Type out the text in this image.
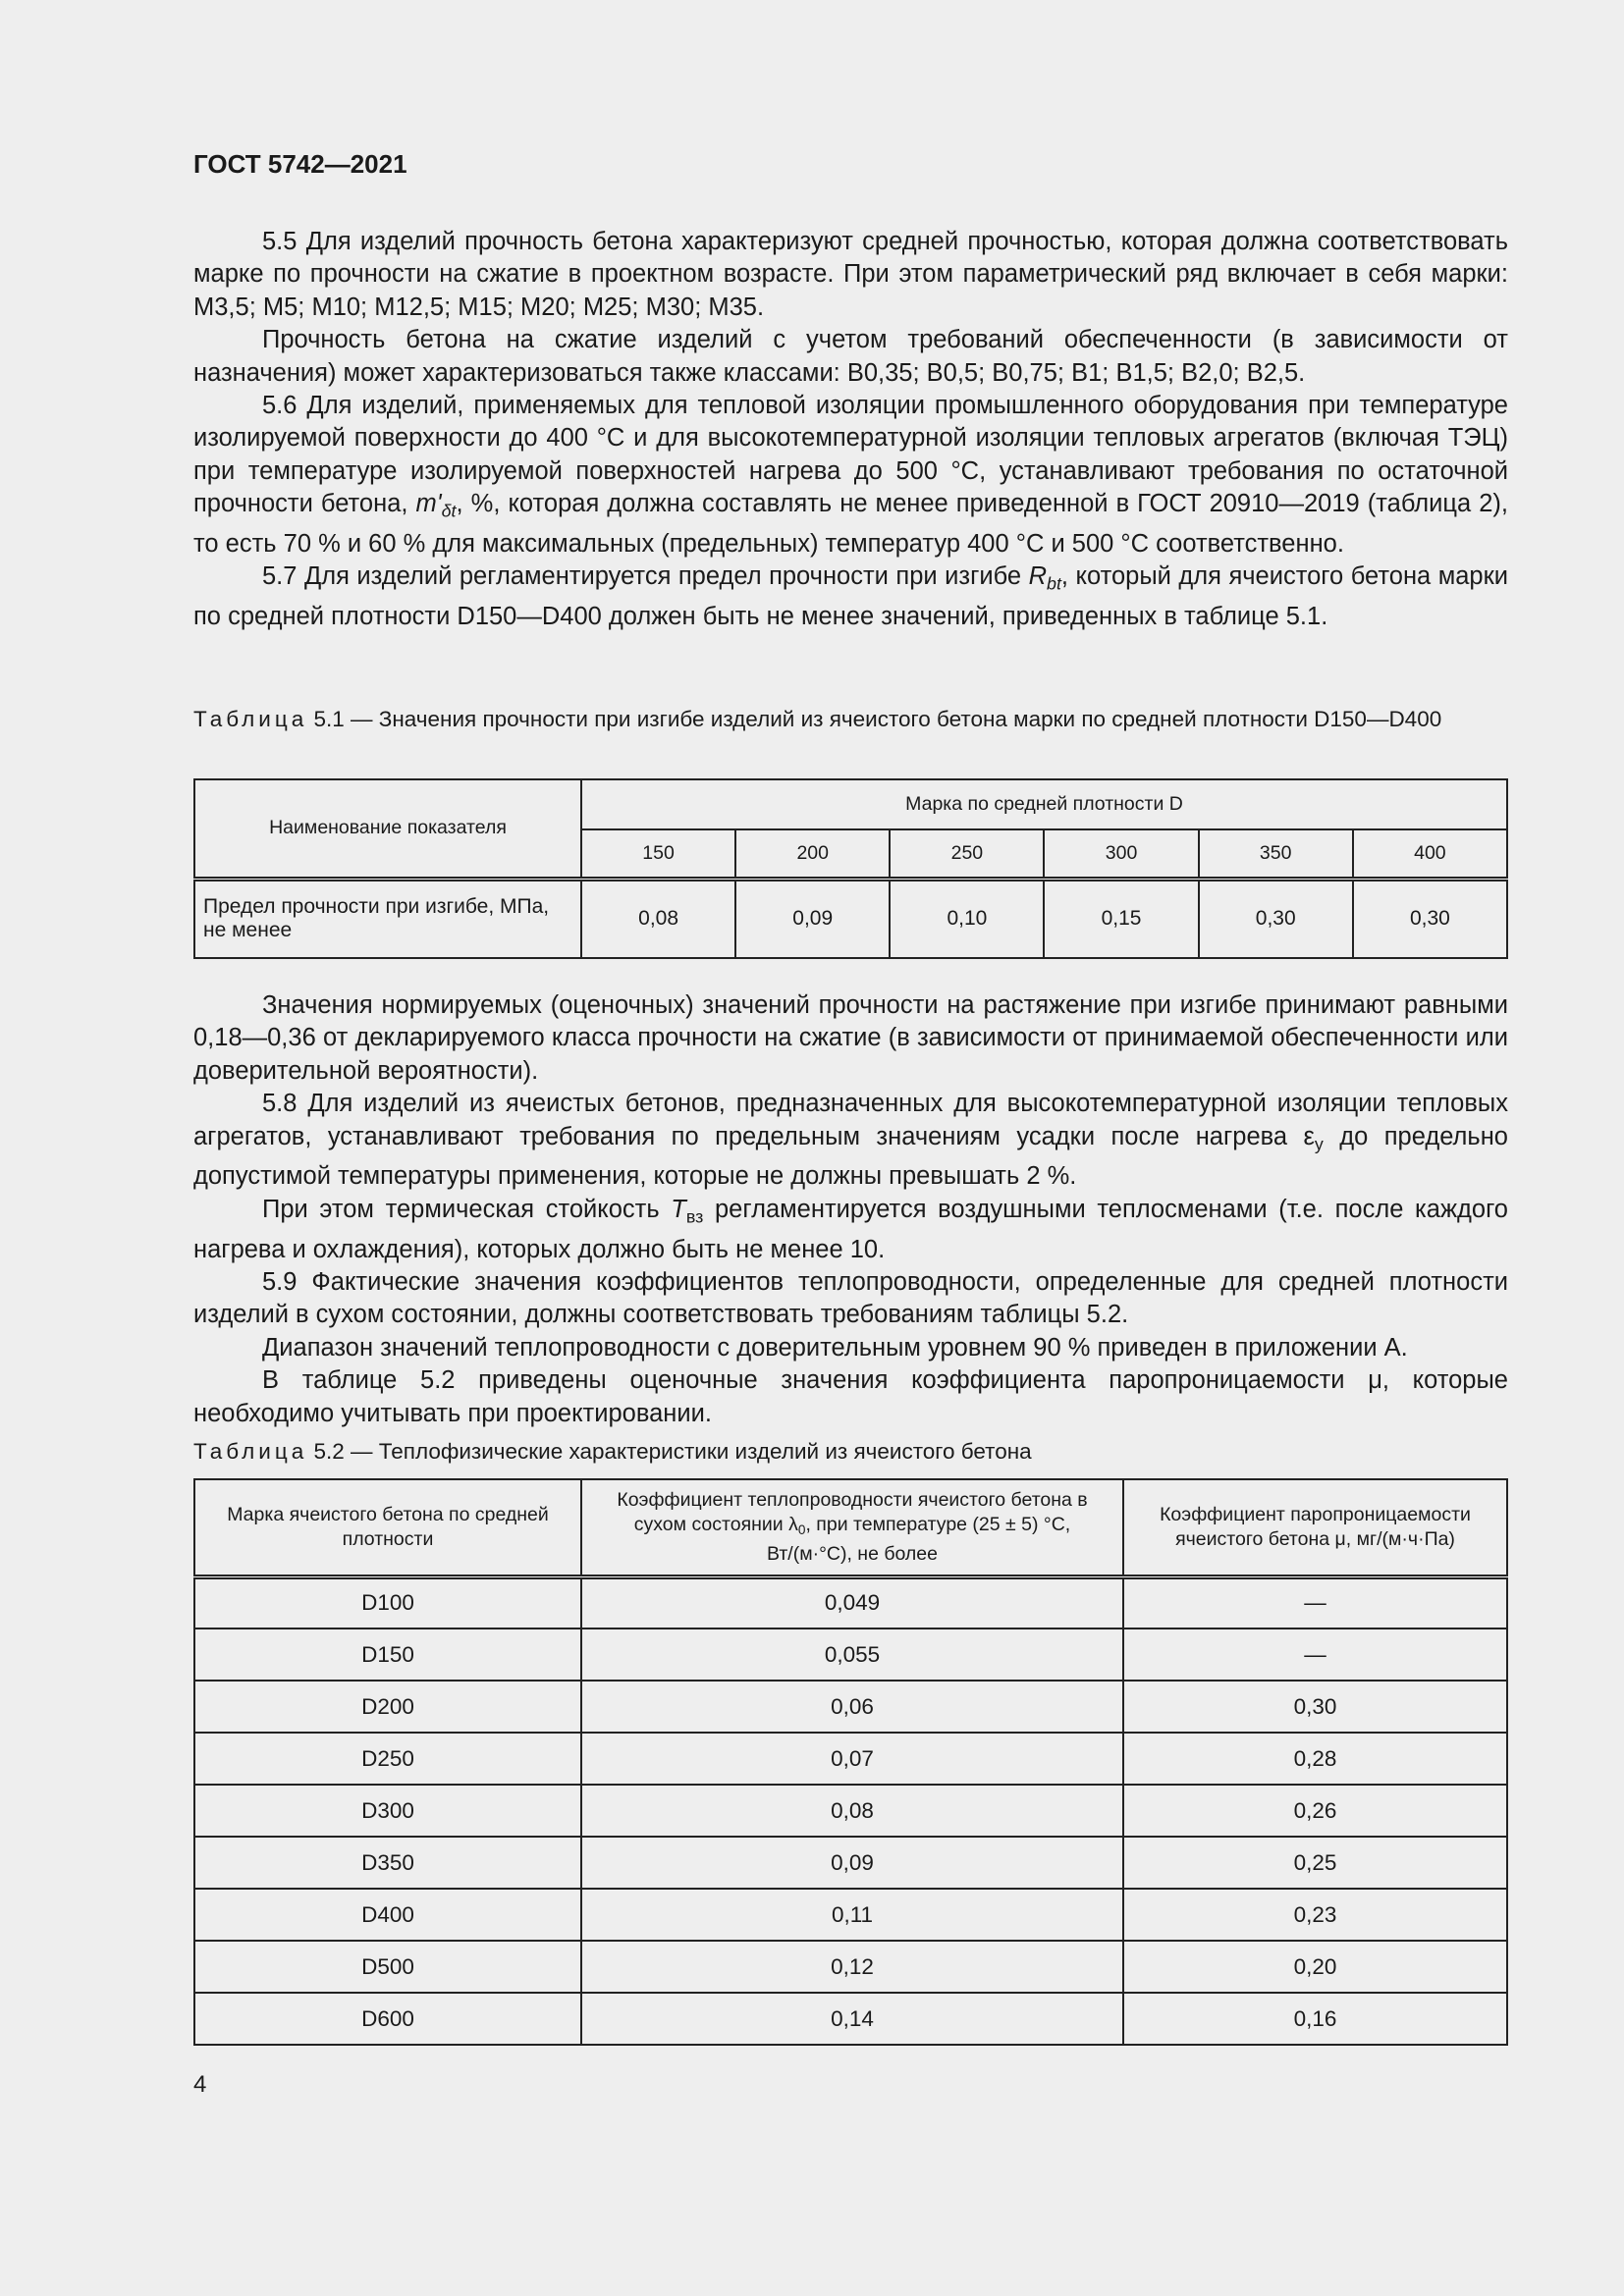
ГОСТ 5742—2021

5.5 Для изделий прочность бетона характеризуют средней прочностью, которая должна соответствовать марке по прочности на сжатие в проектном возрасте. При этом параметрический ряд включает в себя марки: М3,5; М5; М10; М12,5; М15; М20; М25; М30; М35.

Прочность бетона на сжатие изделий с учетом требований обеспеченности (в зависимости от назначения) может характеризоваться также классами: В0,35; В0,5; В0,75; В1; В1,5; В2,0; В2,5.

5.6 Для изделий, применяемых для тепловой изоляции промышленного оборудования при температуре изолируемой поверхности до 400 °С и для высокотемпературной изоляции тепловых агрегатов (включая ТЭЦ) при температуре изолируемой поверхностей нагрева до 500 °С, устанавливают требования по остаточной прочности бетона, $m'_{\delta t}$, %, которая должна составлять не менее приведенной в ГОСТ 20910—2019 (таблица 2), то есть 70 % и 60 % для максимальных (предельных) температур 400 °С и 500 °С соответственно.

5.7 Для изделий регламентируется предел прочности при изгибе $R_{bt}$, который для ячеистого бетона марки по средней плотности D150—D400 должен быть не менее значений, приведенных в таблице 5.1.

Таблица 5.1 — Значения прочности при изгибе изделий из ячеистого бетона марки по средней плотности D150—D400
Наименование показателя	Марка по средней плотности D					
	150	200	250	300	350	400
Предел прочности при изгибе, МПа, не менее	0,08	0,09	0,10	0,15	0,30	0,30

Значения нормируемых (оценочных) значений прочности на растяжение при изгибе принимают равными 0,18—0,36 от декларируемого класса прочности на сжатие (в зависимости от принимаемой обеспеченности или доверительной вероятности).

5.8 Для изделий из ячеистых бетонов, предназначенных для высокотемпературной изоляции тепловых агрегатов, устанавливают требования по предельным значениям усадки после нагрева $\varepsilon_у$ до предельно допустимой температуры применения, которые не должны превышать 2 %.

При этом термическая стойкость $T_{вз}$ регламентируется воздушными теплосменами (т.е. после каждого нагрева и охлаждения), которых должно быть не менее 10.

5.9 Фактические значения коэффициентов теплопроводности, определенные для средней плотности изделий в сухом состоянии, должны соответствовать требованиям таблицы 5.2.

Диапазон значений теплопроводности с доверительным уровнем 90 % приведен в приложении А.

В таблице 5.2 приведены оценочные значения коэффициента паропроницаемости μ, которые необходимо учитывать при проектировании.

Таблица 5.2 — Теплофизические характеристики изделий из ячеистого бетона
Марка ячеистого бетона по средней плотности	Коэффициент теплопроводности ячеистого бетона в сухом состоянии $\lambda_0$, при температуре (25 ± 5) °С, Вт/(м·°С), не более	Коэффициент паропроницаемости ячеистого бетона μ, мг/(м·ч·Па)
D100	0,049	—
D150	0,055	—
D200	0,06	0,30
D250	0,07	0,28
D300	0,08	0,26
D350	0,09	0,25
D400	0,11	0,23
D500	0,12	0,20
D600	0,14	0,16
4
